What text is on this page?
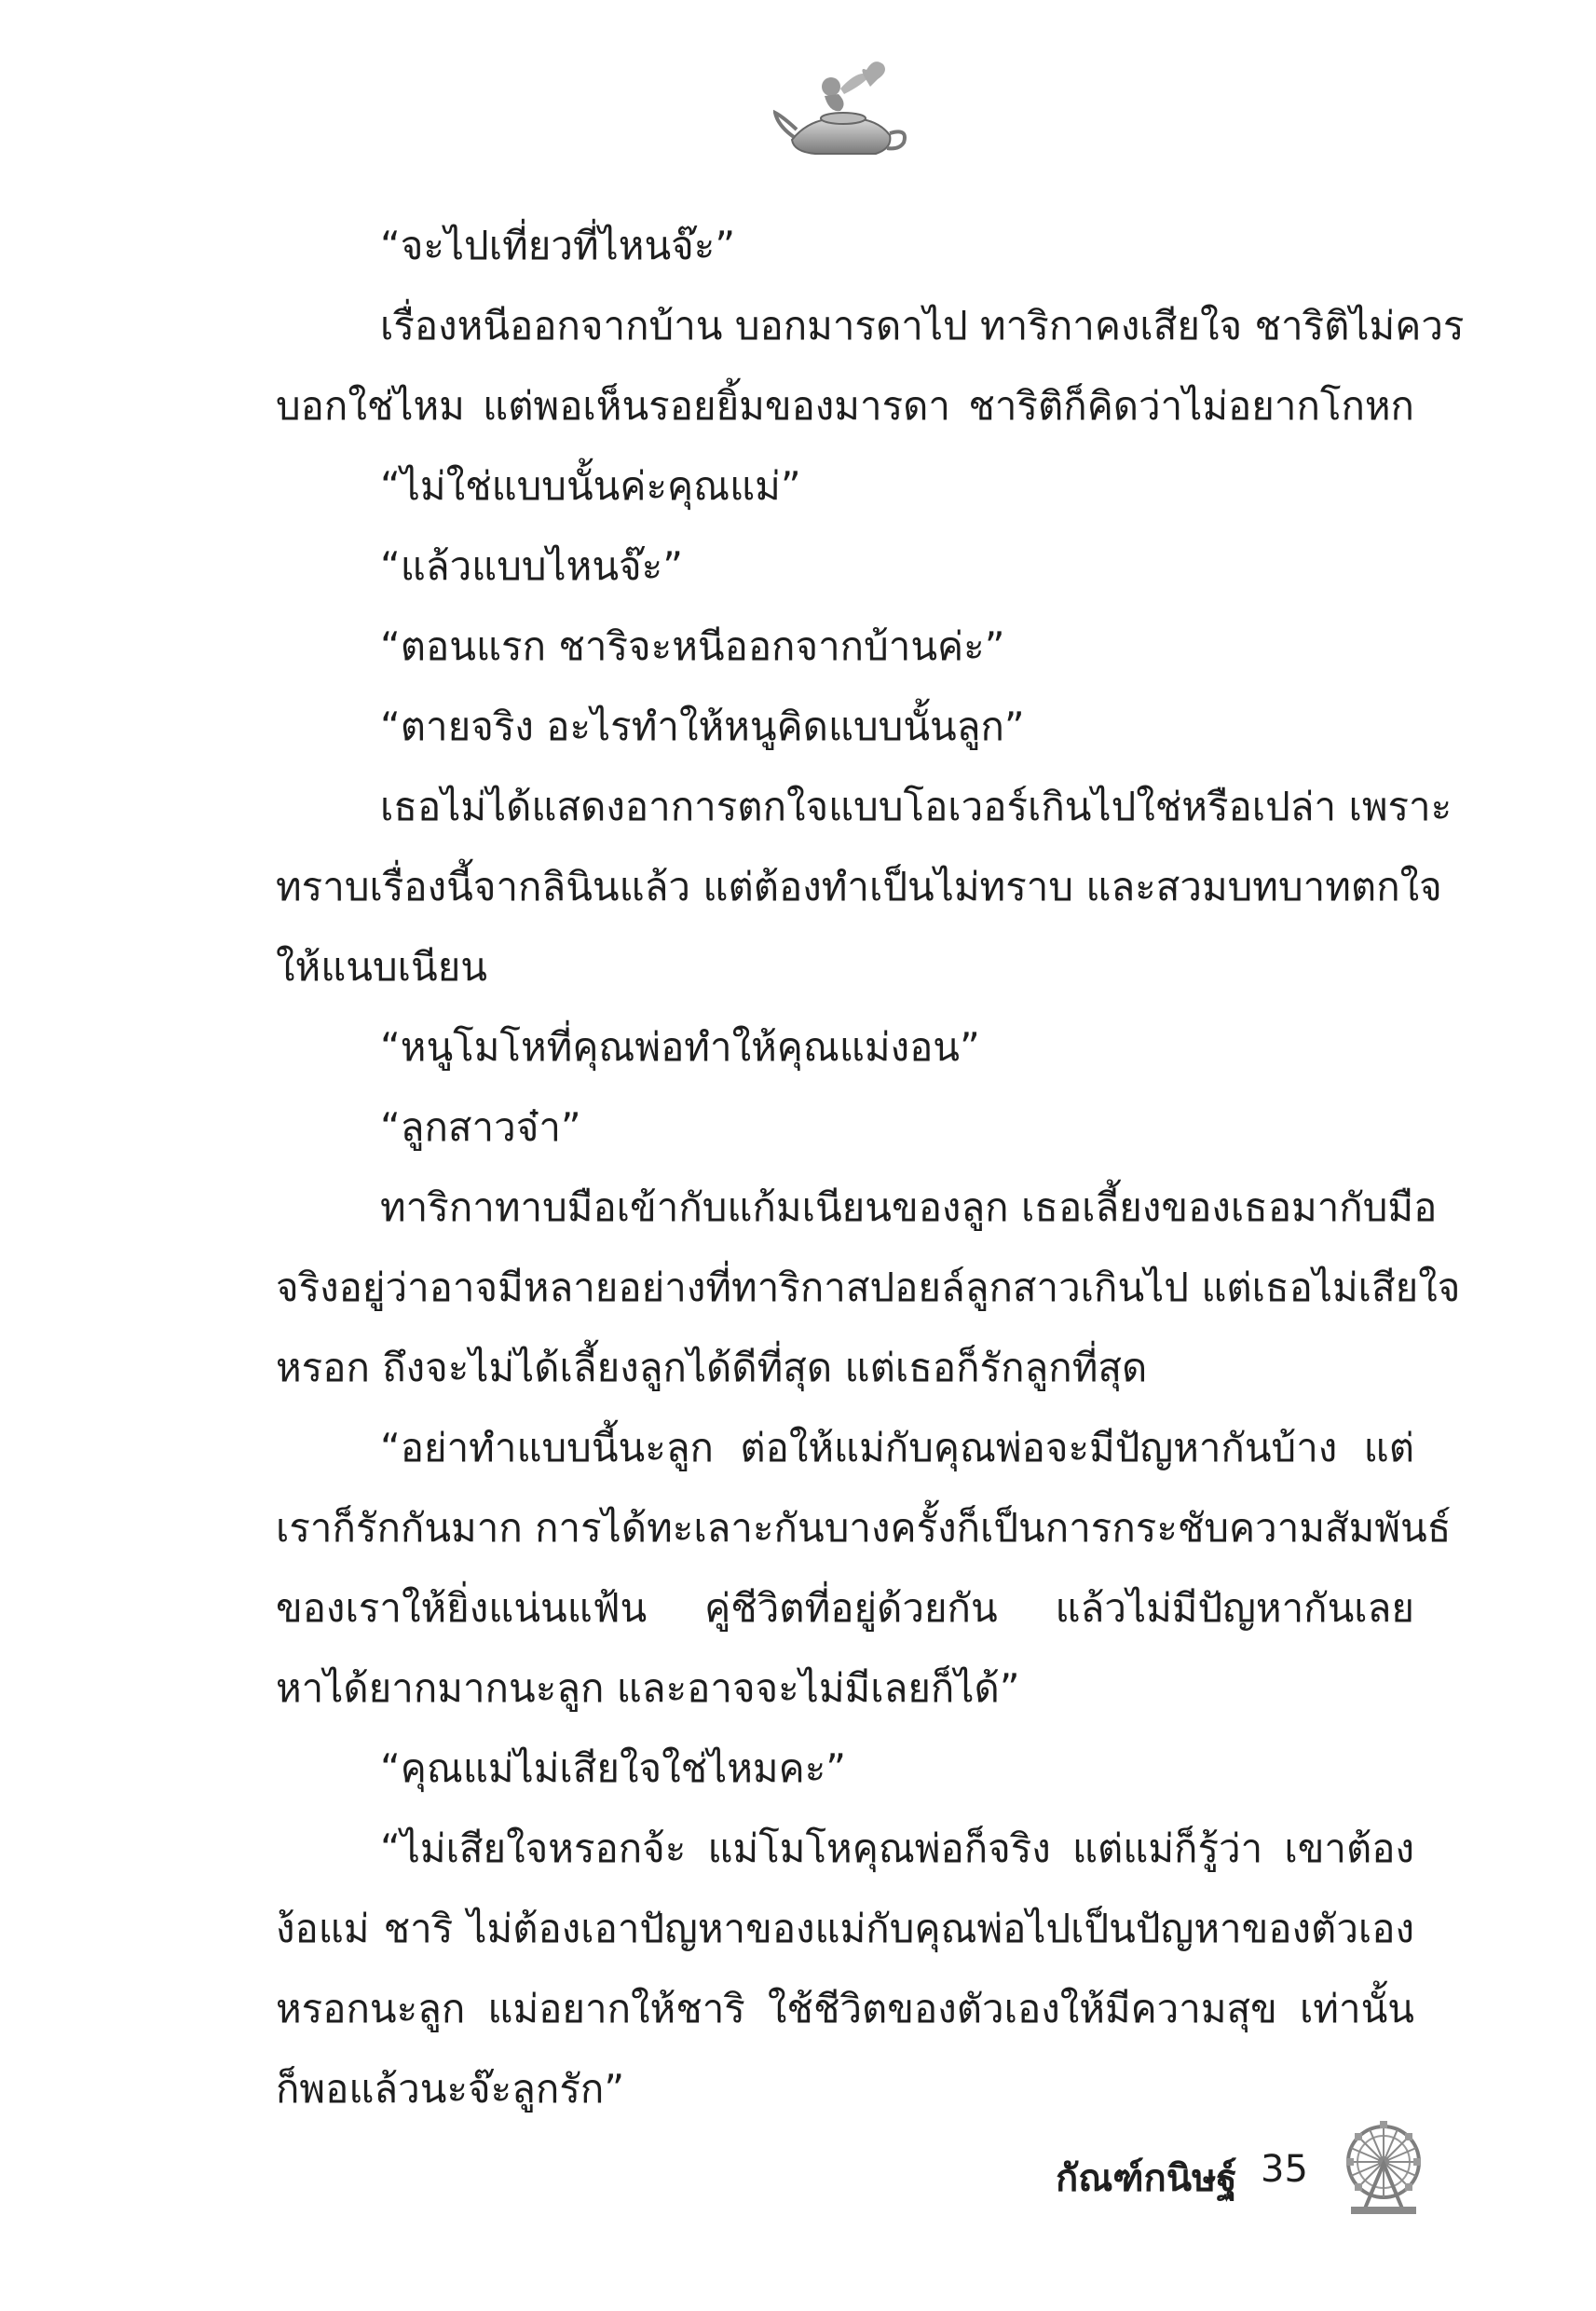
“จะไปเที่ยวที่ไหนจ๊ะ”
เรื่องหนีออกจากบ้าน บอกมารดาไป ทาริกาคงเสียใจ ชาริติไม่ควร
บอกใช่ไหม แต่พอเห็นรอยยิ้มของมารดา ชาริติก็คิดว่าไม่อยากโกหก
“ไม่ใช่แบบนั้นค่ะคุณแม่”
“แล้วแบบไหนจ๊ะ”
“ตอนแรก ชาริจะหนีออกจากบ้านค่ะ”
“ตายจริง อะไรทำให้หนูคิดแบบนั้นลูก”
เธอไม่ได้แสดงอาการตกใจแบบโอเวอร์เกินไปใช่หรือเปล่า เพราะ
ทราบเรื่องนี้จากลินินแล้ว แต่ต้องทำเป็นไม่ทราบ และสวมบทบาทตกใจ
ให้แนบเนียน
“หนูโมโหที่คุณพ่อทำให้คุณแม่งอน”
“ลูกสาวจ๋า”
ทาริกาทาบมือเข้ากับแก้มเนียนของลูก เธอเลี้ยงของเธอมากับมือ
จริงอยู่ว่าอาจมีหลายอย่างที่ทาริกาสปอยล์ลูกสาวเกินไป แต่เธอไม่เสียใจ
หรอก ถึงจะไม่ได้เลี้ยงลูกได้ดีที่สุด แต่เธอก็รักลูกที่สุด
“อย่าทำแบบนี้นะลูก ต่อให้แม่กับคุณพ่อจะมีปัญหากันบ้าง แต่
เราก็รักกันมาก การได้ทะเลาะกันบางครั้งก็เป็นการกระชับความสัมพันธ์
ของเราให้ยิ่งแน่นแฟ้น คู่ชีวิตที่อยู่ด้วยกัน แล้วไม่มีปัญหากันเลย
หาได้ยากมากนะลูก และอาจจะไม่มีเลยก็ได้”
“คุณแม่ไม่เสียใจใช่ไหมคะ”
“ไม่เสียใจหรอกจ้ะ แม่โมโหคุณพ่อก็จริง แต่แม่ก็รู้ว่า เขาต้อง
ง้อแม่ ชาริ ไม่ต้องเอาปัญหาของแม่กับคุณพ่อไปเป็นปัญหาของตัวเอง
หรอกนะลูก แม่อยากให้ชาริ ใช้ชีวิตของตัวเองให้มีความสุข เท่านั้น
ก็พอแล้วนะจ๊ะลูกรัก”
กัณฑ์กนิษฐ์ 35
